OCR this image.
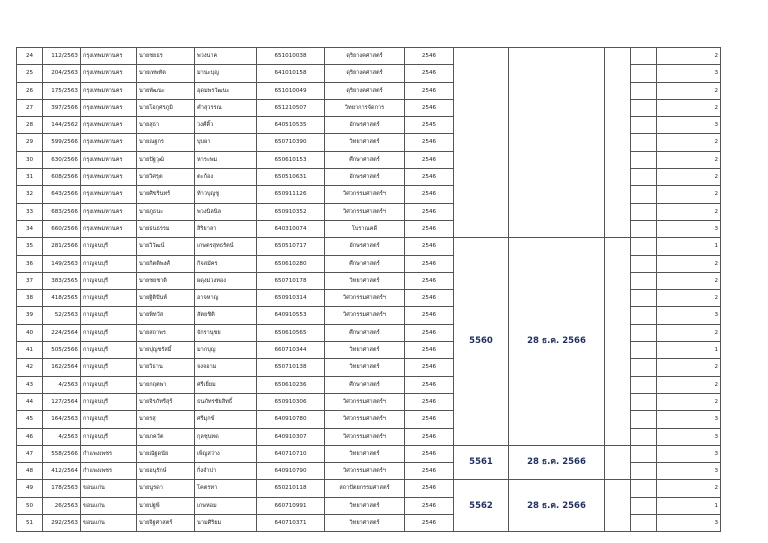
24	112/2563	กรุงเทพมหานคร	นายชยธร	พวงนาค	651010038	ดุริยางคศาสตร์	2546					2
25	204/2563	กรุงเทพมหานคร	นายเทพทัต	มานะบุญ	641010158	ดุริยางคศาสตร์	2546					3
26	175/2563	กรุงเทพมหานคร	นายพัฒนะ	อุดมพรวัฒนะ	651010049	ดุริยางคศาสตร์	2546					2
27	397/2566	กรุงเทพมหานคร	นายโอกุศรภูมิ	คำสุวรรณ	651210507	วิทยาการจัดการ	2546					2
28	144/2562	กรุงเทพมหานคร	นายสุธา	วงศ์คิ้ว	640510535	อักษรศาสตร์	2545					3
29	599/2566	กรุงเทพมหานคร	นายณฐกร	บุบผา	650710390	วิทยาศาสตร์	2546					2
30	630/2566	กรุงเทพมหานคร	นายปัฐวุฒิ	หาระพม	650610153	ศึกษาศาสตร์	2546					2
31	608/2566	กรุงเทพมหานคร	นายวิศรุต	ตะก้อง	650510631	อักษรศาสตร์	2546					2
32	643/2566	กรุงเทพมหานคร	นายศิขรินทร์	ท้าวบุญชู	650911126	วิศวกรรมศาสตร์ฯ	2546					2
33	683/2566	กรุงเทพมหานคร	นายภูธนะ	พวงนิลนิล	650910352	วิศวกรรมศาสตร์ฯ	2546					2
34	660/2566	กรุงเทพมหานคร	นายธนธรรม	สิริยาลา	640310074	โบราณคดี	2546					3
35	281/2566	กาญจนบุรี	นายวิวัฒน์	เกษตรสุทธรัตน์	650510717	อักษรศาสตร์	2546	5560	28 ธ.ค. 2566			1
36	149/2563	กาญจนบุรี	นายกิตติพงศ์	กิจสมัคร	650610280	ศึกษาศาสตร์	2546					2
37	383/2565	กาญจนบุรี	นายชยชาติ	ผดุงม่วงทอง	650710178	วิทยาศาสตร์	2546					2
38	418/2565	กาญจนบุรี	นายฐิติปันท์	อาจหาญ	650910314	วิศวกรรมศาสตร์ฯ	2546					2
39	52/2563	กาญจนบุรี	นายพิทวัส	สัตยชิติ	640910553	วิศวกรรมศาสตร์ฯ	2546					3
40	224/2564	กาญจนบุรี	นายสถาพร	จักรานุชย	650610565	ศึกษาศาสตร์	2546					2
41	505/2566	กาญจนบุรี	นายปุญชรัสมิ์	มากบุญ	660710344	วิทยาศาสตร์	2546					1
42	162/2564	กาญจนบุรี	นายวิธาน	จงจอาม	650710138	วิทยาศาสตร์	2546					2
43	4/2563	กาญจนบุรี	นายกฤตพา	ศรีเยี่ยม	650610236	ศึกษาศาสตร์	2546					2
44	127/2564	กาญจนบุรี	นายจิรภัทรีสุร์	ธนภัทรชัยสิทธิ์	650910306	วิศวกรรมศาสตร์ฯ	2546					2
45	164/2563	กาญจนบุรี	นายรสุ	ศรีมุกข์	640910780	วิศวกรรมศาสตร์ฯ	2546					3
46	4/2563	กาญจนบุรี	นายภควัต	กุลชุนทด	640910307	วิศวกรรมศาสตร์ฯ	2546					3
47	558/2566	กำแพงเพชร	นายณัฐดนัย	เพ็ญสว่าง	640710710	วิทยาศาสตร์	2546	5561	28 ธ.ค. 2566			3
48	412/2564	กำแพงเพชร	นายอนุรักษ์	กิ่งจำปา	640910790	วิศวกรรมศาสตร์ฯ	2546					3
49	178/2563	ขอนแก่น	นายนูรดา	โคตรทา	650210118	สถาปัตยกรรมศาสตร์	2546	5562	28 ธ.ค. 2566			2
50	26/2563	ขอนแก่น	นายปฐพี	เกษหอม	660710991	วิทยาศาสตร์	2546					1
51	292/2563	ขอนแก่น	นายจิฐศาสตร์	นามศิริยม	640710371	วิทยาศาสตร์	2546					3
